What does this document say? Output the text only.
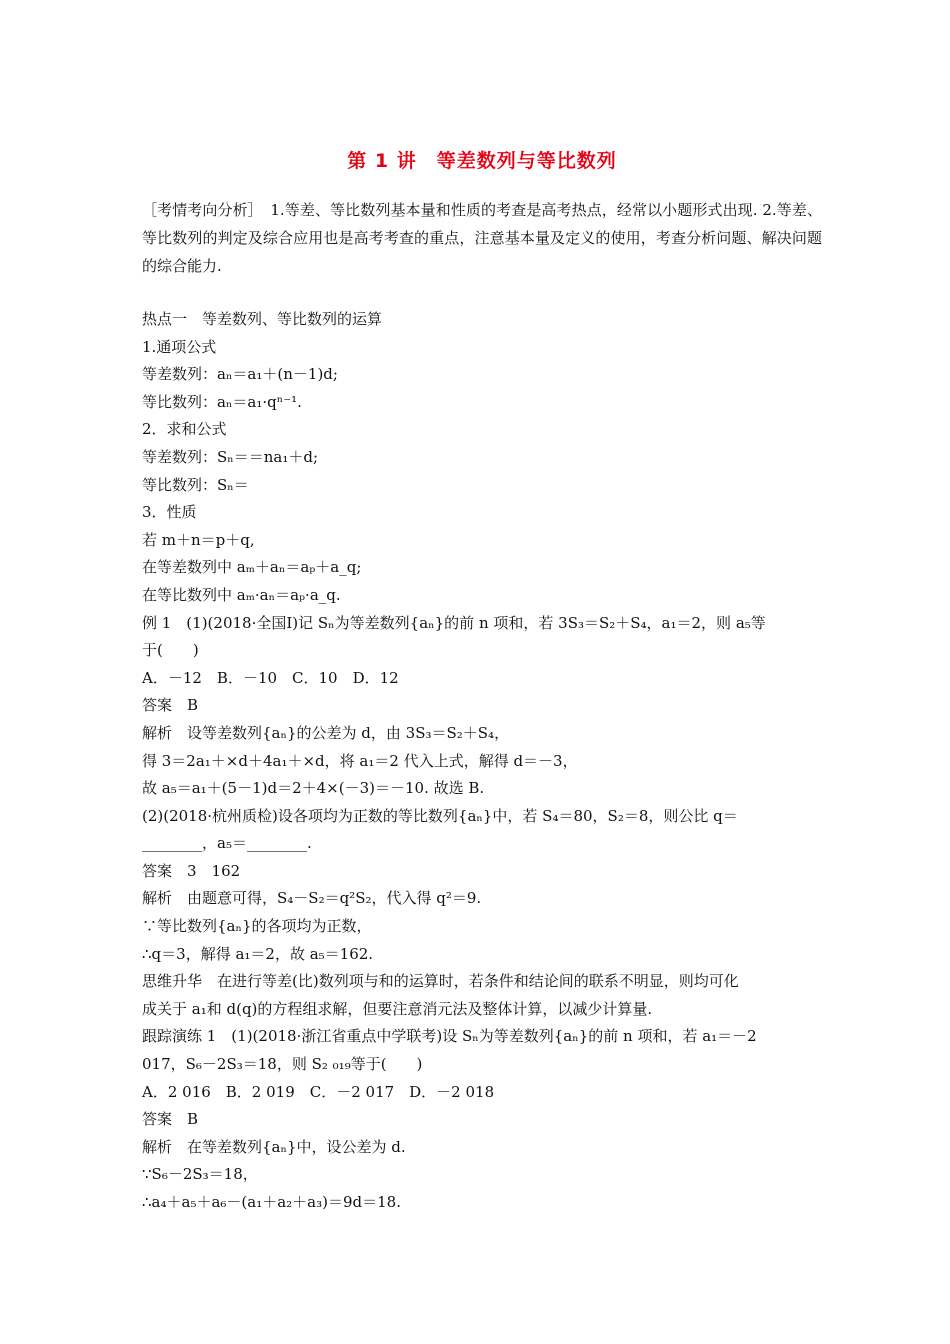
第 1 讲　等差数列与等比数列
［考情考向分析］　1.等差、等比数列基本量和性质的考查是高考热点，经常以小题形式出现. 2.等差、等比数列的判定及综合应用也是高考考查的重点，注意基本量及定义的使用，考查分析问题、解决问题的综合能力.
热点一　等差数列、等比数列的运算
1.通项公式
等差数列：aₙ＝a₁＋(n－1)d;
等比数列：aₙ＝a₁·qⁿ⁻¹.
2．求和公式
等差数列：Sₙ＝＝na₁＋d;
等比数列：Sₙ＝
3．性质
若 m＋n＝p＋q,
在等差数列中 aₘ＋aₙ＝aₚ＋a_q;
在等比数列中 aₘ·aₙ＝aₚ·a_q.
例 1　(1)(2018·全国Ⅰ)记 Sₙ为等差数列{aₙ}的前 n 项和，若 3S₃＝S₂＋S₄，a₁＝2，则 a₅等
于(　　)
A．－12　B．－10　C．10　D．12
答案　B
解析　设等差数列{aₙ}的公差为 d，由 3S₃＝S₂＋S₄，
得 3＝2a₁＋×d＋4a₁＋×d，将 a₁＝2 代入上式，解得 d＝－3，
故 a₅＝a₁＋(5－1)d＝2＋4×(－3)＝－10. 故选 B.
(2)(2018·杭州质检)设各项均为正数的等比数列{aₙ}中，若 S₄＝80，S₂＝8，则公比 q＝
________，a₅＝________.
答案　3　162
解析　由题意可得，S₄－S₂＝q²S₂，代入得 q²＝9.
∵等比数列{aₙ}的各项均为正数，
∴q＝3，解得 a₁＝2，故 a₅＝162.
思维升华　在进行等差(比)数列项与和的运算时，若条件和结论间的联系不明显，则均可化
成关于 a₁和 d(q)的方程组求解，但要注意消元法及整体计算，以减少计算量.
跟踪演练 1　(1)(2018·浙江省重点中学联考)设 Sₙ为等差数列{aₙ}的前 n 项和，若 a₁＝－2
017，S₆－2S₃＝18，则 S₂ ₀₁₉等于(　　)
A．2 016　B．2 019　C．－2 017　D．－2 018
答案　B
解析　在等差数列{aₙ}中，设公差为 d.
∵S₆－2S₃＝18，
∴a₄＋a₅＋a₆－(a₁＋a₂＋a₃)＝9d＝18.
